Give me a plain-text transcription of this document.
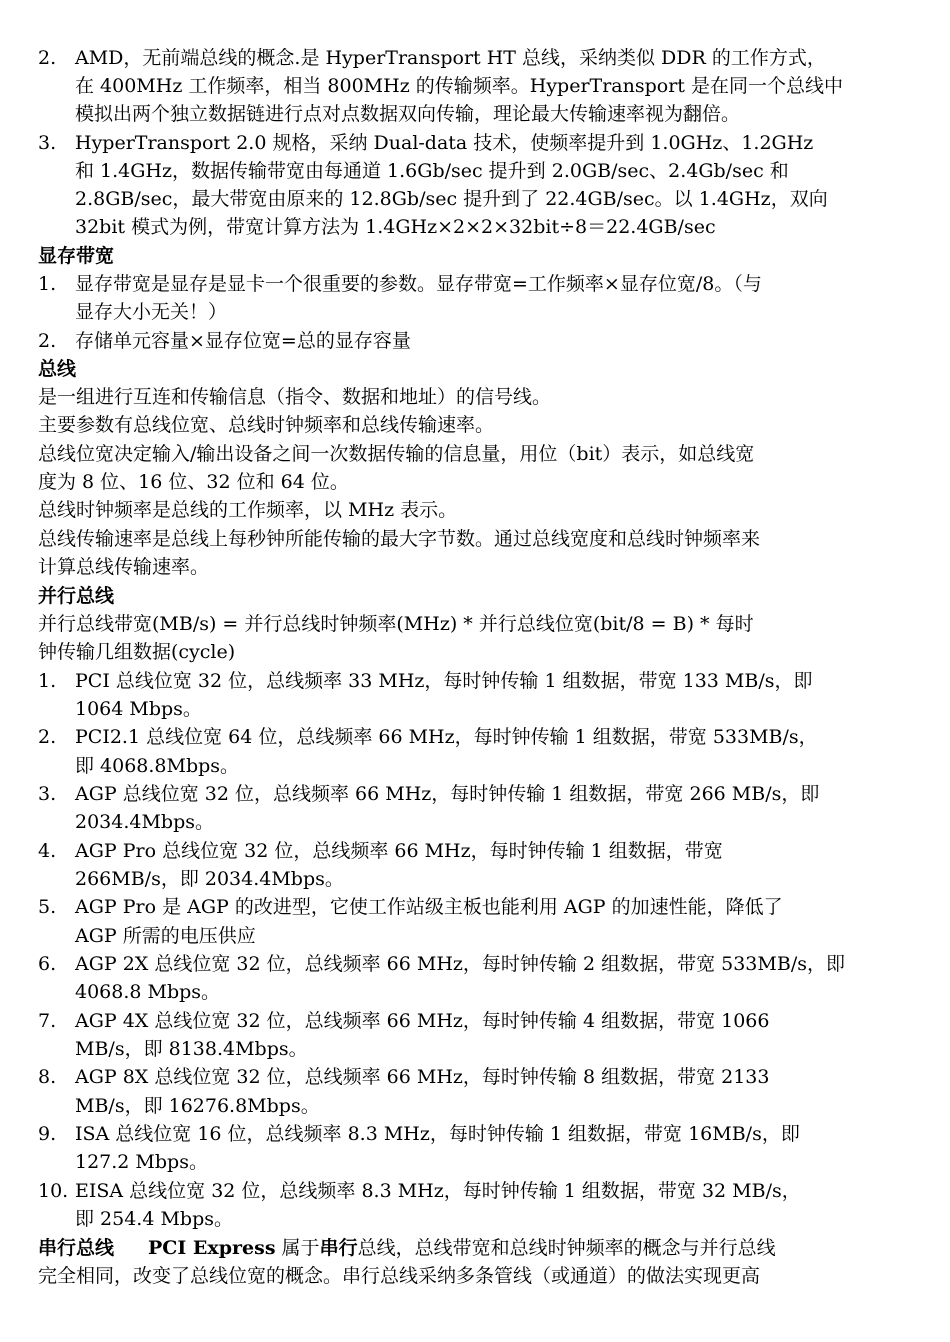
2. AMD，无前端总线的概念.是 HyperTransport HT 总线，采纳类似 DDR 的工作方式，
在 400MHz 工作频率，相当 800MHz 的传输频率。HyperTransport 是在同一个总线中
模拟出两个独立数据链进行点对点数据双向传输，理论最大传输速率视为翻倍。
3. HyperTransport 2.0 规格，采纳 Dual-data 技术，使频率提升到 1.0GHz、1.2GHz
和 1.4GHz，数据传输带宽由每通道 1.6Gb/sec 提升到 2.0GB/sec、2.4Gb/sec 和
2.8GB/sec，最大带宽由原来的 12.8Gb/sec 提升到了 22.4GB/sec。以 1.4GHz，双向
32bit 模式为例，带宽计算方法为 1.4GHz×2×2×32bit÷8＝22.4GB/sec
显存带宽
1. 显存带宽是显存是显卡一个很重要的参数。显存带宽=工作频率×显存位宽/8。（与
显存大小无关！）
2. 存储单元容量×显存位宽=总的显存容量
总线
是一组进行互连和传输信息（指令、数据和地址）的信号线。
主要参数有总线位宽、总线时钟频率和总线传输速率。
总线位宽决定输入/输出设备之间一次数据传输的信息量，用位（bit）表示，如总线宽
度为 8 位、16 位、32 位和 64 位。
总线时钟频率是总线的工作频率，以 MHz 表示。
总线传输速率是总线上每秒钟所能传输的最大字节数。通过总线宽度和总线时钟频率来
计算总线传输速率。
并行总线
并行总线带宽(MB/s) = 并行总线时钟频率(MHz) * 并行总线位宽(bit/8 = B) * 每时
钟传输几组数据(cycle)
1. PCI 总线位宽 32 位，总线频率 33 MHz，每时钟传输 1 组数据，带宽 133 MB/s，即
1064 Mbps。
2. PCI2.1 总线位宽 64 位，总线频率 66 MHz，每时钟传输 1 组数据，带宽 533MB/s，
即 4068.8Mbps。
3. AGP 总线位宽 32 位，总线频率 66 MHz，每时钟传输 1 组数据，带宽 266 MB/s，即
2034.4Mbps。
4. AGP Pro 总线位宽 32 位，总线频率 66 MHz，每时钟传输 1 组数据，带宽
266MB/s，即 2034.4Mbps。
5. AGP Pro 是 AGP 的改进型，它使工作站级主板也能利用 AGP 的加速性能，降低了
AGP 所需的电压供应
6. AGP 2X 总线位宽 32 位，总线频率 66 MHz，每时钟传输 2 组数据，带宽 533MB/s，即
4068.8 Mbps。
7. AGP 4X 总线位宽 32 位，总线频率 66 MHz，每时钟传输 4 组数据，带宽 1066
MB/s，即 8138.4Mbps。
8. AGP 8X 总线位宽 32 位，总线频率 66 MHz，每时钟传输 8 组数据，带宽 2133
MB/s，即 16276.8Mbps。
9. ISA 总线位宽 16 位，总线频率 8.3 MHz，每时钟传输 1 组数据，带宽 16MB/s，即
127.2 Mbps。
10. EISA 总线位宽 32 位，总线频率 8.3 MHz，每时钟传输 1 组数据，带宽 32 MB/s，
即 254.4 Mbps。
串行总线 PCI Express 属于串行总线，总线带宽和总线时钟频率的概念与并行总线
完全相同，改变了总线位宽的概念。串行总线采纳多条管线（或通道）的做法实现更高
